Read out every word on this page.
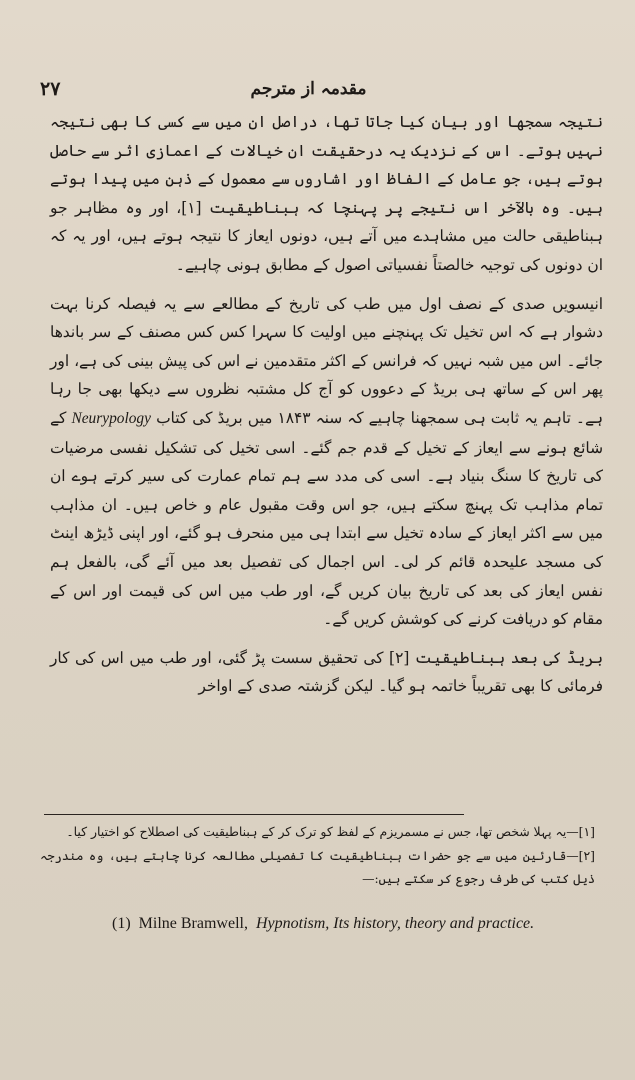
۲۷	مقدمہ از مترجم

نتیجہ سمجھا اور بیان کیا جاتا تھا، دراصل ان میں سے کسی کا بھی نتیجہ نہیں ہوتے۔ اس کے نزدیک یہ درحقیقت ان خیالات کے اعمازی اثر سے حاصل ہوتے ہیں، جو عامل کے الفاظ اور اشاروں سے معمول کے ذہن میں پیدا ہوتے ہیں۔ وہ بالآخر اس نتیجے پر پہنچا کہ ہبناطیقیت [۱]، اور وہ مظاہر جو ہبناطیقی حالت میں مشاہدے میں آتے ہیں، دونوں ایعاز کا نتیجہ ہوتے ہیں، اور یہ کہ ان دونوں کی توجیہ خالصتاً نفسیاتی اصول کے مطابق ہونی چاہیے۔

انیسویں صدی کے نصف اول میں طب کی تاریخ کے مطالعے سے یہ فیصلہ کرنا بہت دشوار ہے کہ اس تخیل تک پہنچنے میں اولیت کا سہرا کس کس مصنف کے سر باندھا جائے۔ اس میں شبہ نہیں کہ فرانس کے اکثر متقدمین نے اس کی پیش بینی کی ہے، اور پھر اس کے ساتھ ہی بریڈ کے دعووں کو آج کل مشتبہ نظروں سے دیکھا بھی جا رہا ہے۔ تاہم یہ ثابت ہی سمجھنا چاہیے کہ سنہ ۱۸۴۳ میں بریڈ کی کتاب Neurypology کے شائع ہونے سے ایعاز کے تخیل کے قدم جم گئے۔ اسی تخیل کی تشکیل نفسی مرضیات کی تاریخ کا سنگ بنیاد ہے۔ اسی کی مدد سے ہم تمام عمارت کی سیر کرتے ہوے ان تمام مذاہب تک پہنچ سکتے ہیں، جو اس وقت مقبول عام و خاص ہیں۔ ان مذاہب میں سے اکثر ایعاز کے سادہ تخیل سے ابتدا ہی میں منحرف ہو گئے، اور اپنی ڈیڑھ اینٹ کی مسجد علیحدہ قائم کر لی۔ اس اجمال کی تفصیل بعد میں آئے گی، بالفعل ہم نفس ایعاز کی بعد کی تاریخ بیان کریں گے، اور طب میں اس کی قیمت اور اس کے مقام کو دریافت کرنے کی کوشش کریں گے۔

بریڈ کی بعد ہبناطیقیت [۲] کی تحقیق سست پڑ گئی، اور طب میں اس کی کار فرمائی کا بھی تقریباً خاتمہ ہو گیا۔ لیکن گزشتہ صدی کے اواخر

[۱]—یہ پہلا شخص تھا، جس نے مسمریزم کے لفظ کو ترک کر کے ہبناطیقیت کی اصطلاح کو اختیار کیا۔

[۲]—قارئین میں سے جو حضرات ہبناطیقیت کا تفصیلی مطالعہ کرنا چاہتے ہیں، وہ مندرجہ ذیل کتب کی طرف رجوع کر سکتے ہیں:—

(1) Milne Bramwell, Hypnotism, Its history, theory and practice.
